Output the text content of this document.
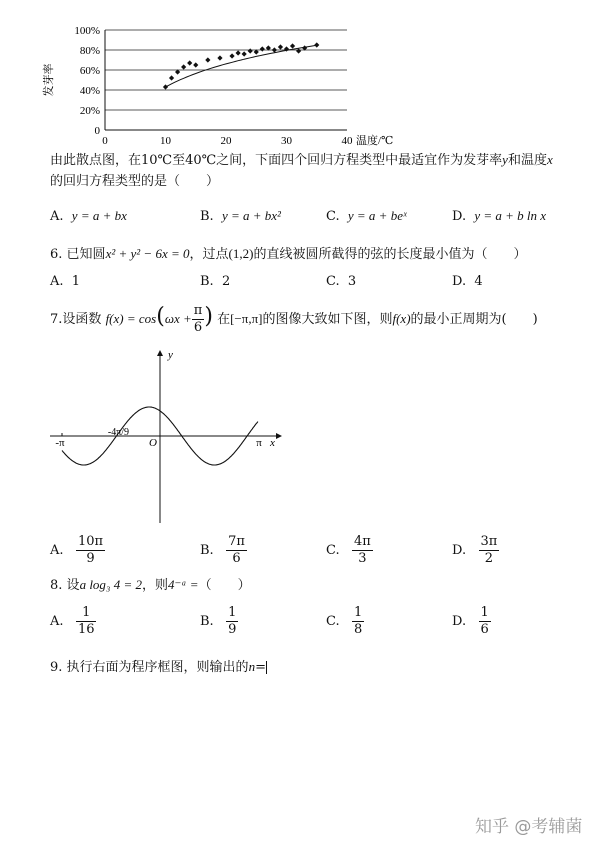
100%
80%
60%
40%
20%
0
0	10	20	30	40 温度/℃
发芽率
由此散点图，在10℃至40℃之间，下面四个回归方程类型中最适宜作为发芽率y和温度x
的回归方程类型的是（　　）
A. y = a + bx	B. y = a + bx²	C. y = a + beˣ	D. y = a + b ln x
6. 已知圆x² + y² − 6x = 0，过点(1,2)的直线被圆所截得的弦的长度最小值为（　　）
A. 1	B. 2	C. 3	D. 4
7.设函数 $f(x) = \cos(\omega x + \frac{\pi}{6}$ ) 在[−π,π]的图像大致如下图，则f(x)的最小正周期为(　　)
y
x
-π
-4π/9
O	π
A. $\frac{10\pi}{9}$	B. $\frac{7\pi}{6}$	C. $\frac{4\pi}{3}$	D. $\frac{3\pi}{2}$
8. 设a log₃ 4 = 2，则4⁻ᵃ =（　　）
A. $\frac{1}{16}$	B. $\frac{1}{9}$	C. $\frac{1}{8}$	D. $\frac{1}{6}$
9. 执行右面为程序框图，则输出的n=
知乎 @考辅菌
